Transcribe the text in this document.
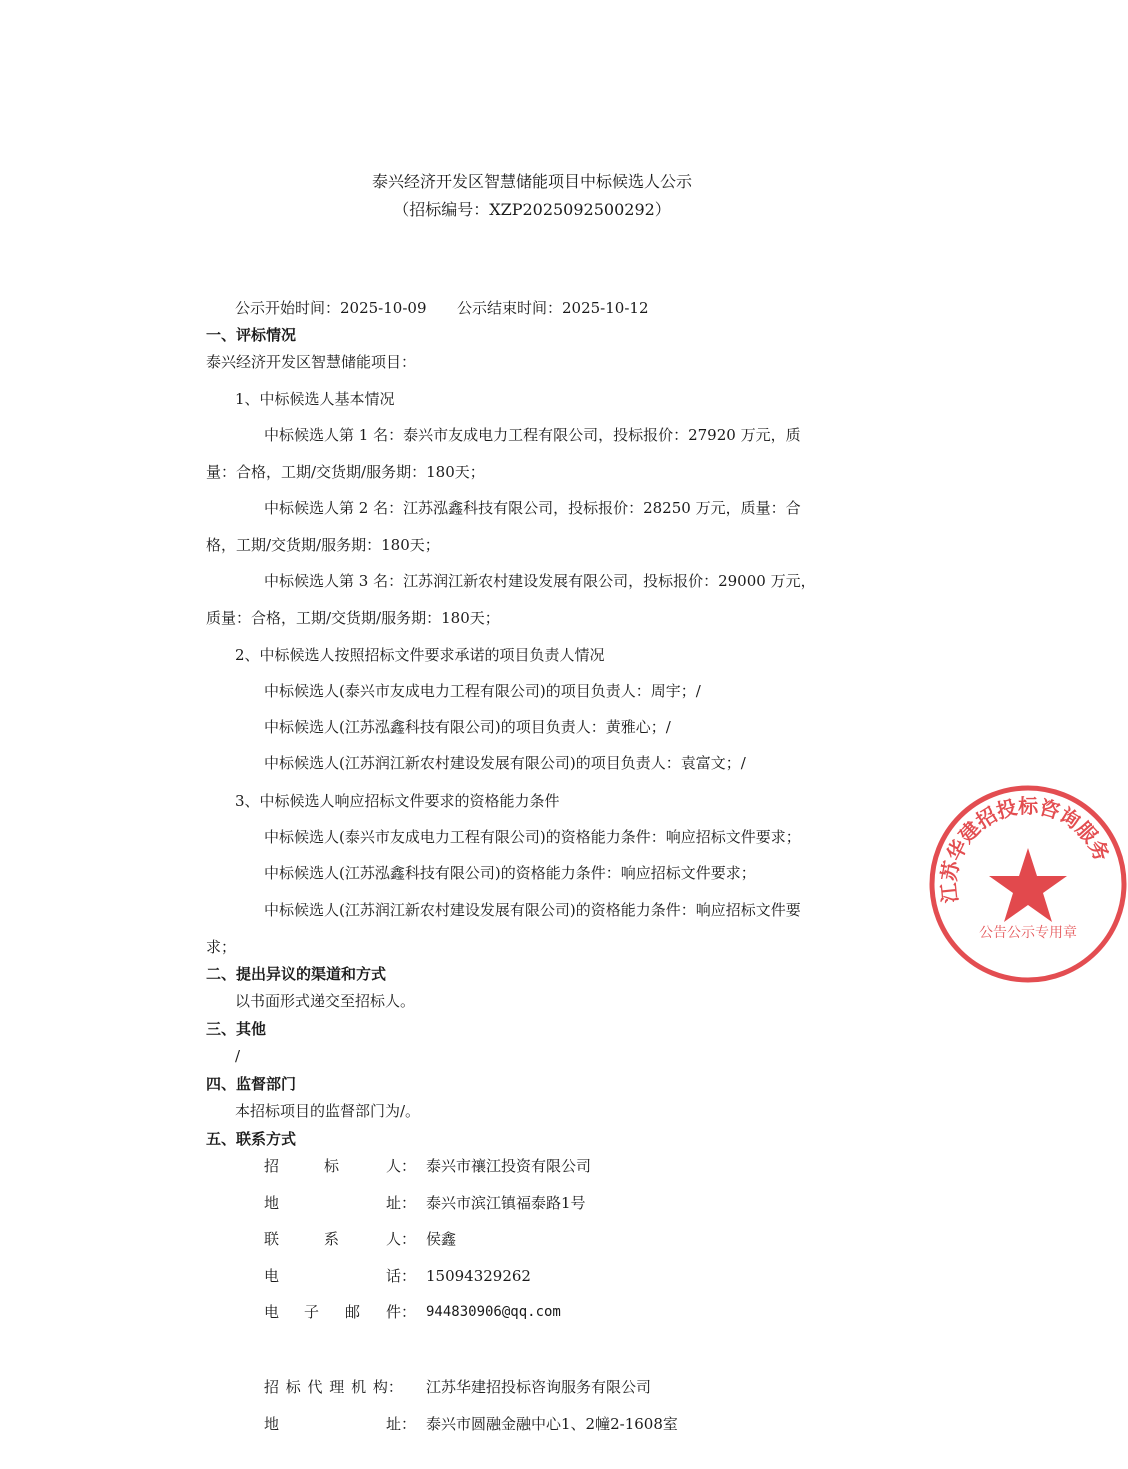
泰兴经济开发区智慧储能项目中标候选人公示
（招标编号：XZP2025092500292）
公示开始时间：2025-10-09 公示结束时间：2025-10-12
一、评标情况
泰兴经济开发区智慧储能项目：
1、中标候选人基本情况
中标候选人第 1 名：泰兴市友成电力工程有限公司，投标报价：27920 万元，质
量：合格，工期/交货期/服务期：180天；
中标候选人第 2 名：江苏泓鑫科技有限公司，投标报价：28250 万元，质量：合
格，工期/交货期/服务期：180天；
中标候选人第 3 名：江苏润江新农村建设发展有限公司，投标报价：29000 万元，
质量：合格，工期/交货期/服务期：180天；
2、中标候选人按照招标文件要求承诺的项目负责人情况
中标候选人(泰兴市友成电力工程有限公司)的项目负责人：周宇；/
中标候选人(江苏泓鑫科技有限公司)的项目负责人：黄雅心；/
中标候选人(江苏润江新农村建设发展有限公司)的项目负责人：袁富文；/
3、中标候选人响应招标文件要求的资格能力条件
中标候选人(泰兴市友成电力工程有限公司)的资格能力条件：响应招标文件要求；
中标候选人(江苏泓鑫科技有限公司)的资格能力条件：响应招标文件要求；
中标候选人(江苏润江新农村建设发展有限公司)的资格能力条件：响应招标文件要
求；
二、提出异议的渠道和方式
以书面形式递交至招标人。
三、其他
/
四、监督部门
本招标项目的监督部门为/。
五、联系方式
招	标	人： 泰兴市禳江投资有限公司
地	址： 泰兴市滨江镇福泰路1号
联	系	人： 侯鑫
电	话： 15094329262
电 子 邮 件： 944830906@qq.com
招 标 代 理 机 构： 江苏华建招投标咨询服务有限公司
地	址： 泰兴市圆融金融中心1、2幢2-1608室
江苏华建招投标咨询服务
公告公示专用章
